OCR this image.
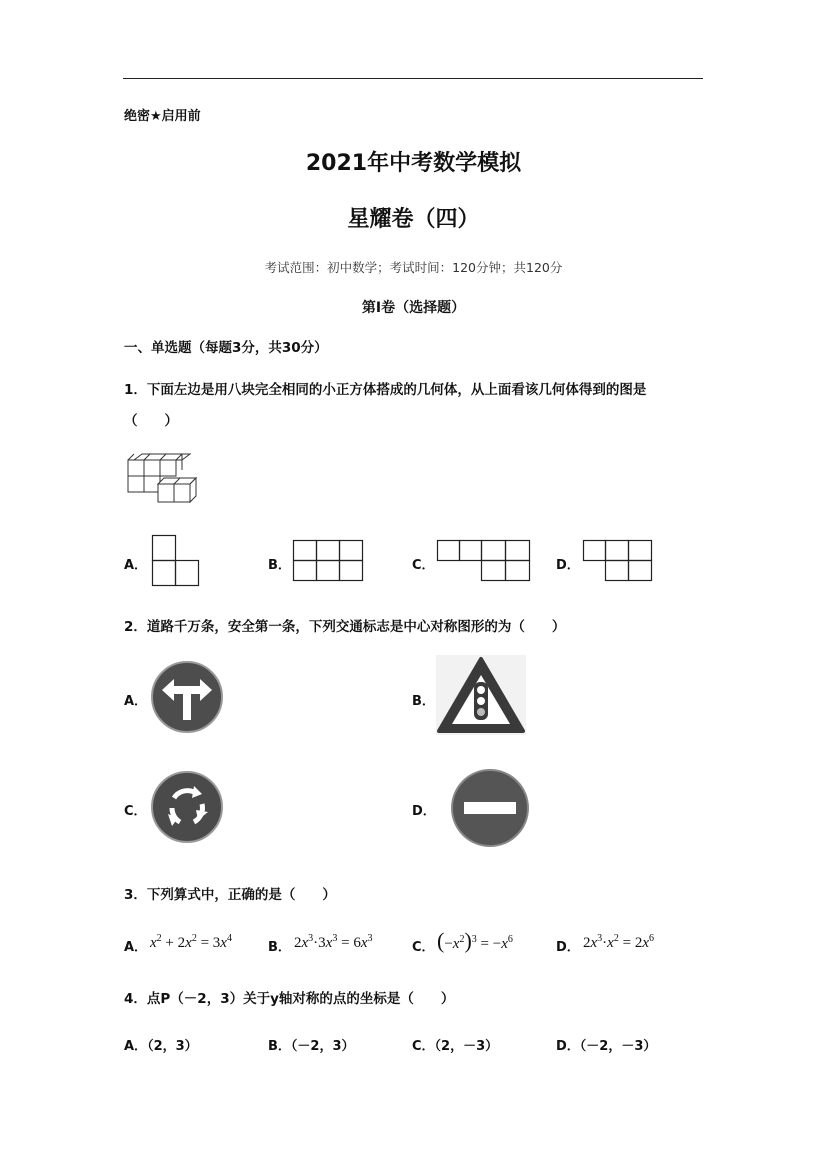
绝密★启用前
2021年中考数学模拟
星耀卷（四）
考试范围：初中数学；考试时间：120分钟；共120分
第I卷（选择题）
一、单选题（每题3分，共30分）
1．下面左边是用八块完全相同的小正方体搭成的几何体，从上面看该几何体得到的图是
（　　）
A．	B．	C．	D．
2．道路千万条，安全第一条，下列交通标志是中心对称图形的为（　　）
A．	B．
C．	D．
3．下列算式中，正确的是（　　）
A． $x^2 + 2x^2 = 3x^4$
B． $2x^3\cdot 3x^3 = 6x^3$
C． $(-x^2)^3 = -x^6$
D． $2x^3\cdot x^2 = 2x^6$
4．点P（－2，3）关于y轴对称的点的坐标是（　　）
A．（2，3）	B．（－2，3）	C．（2，－3）	D．（－2，－3）
